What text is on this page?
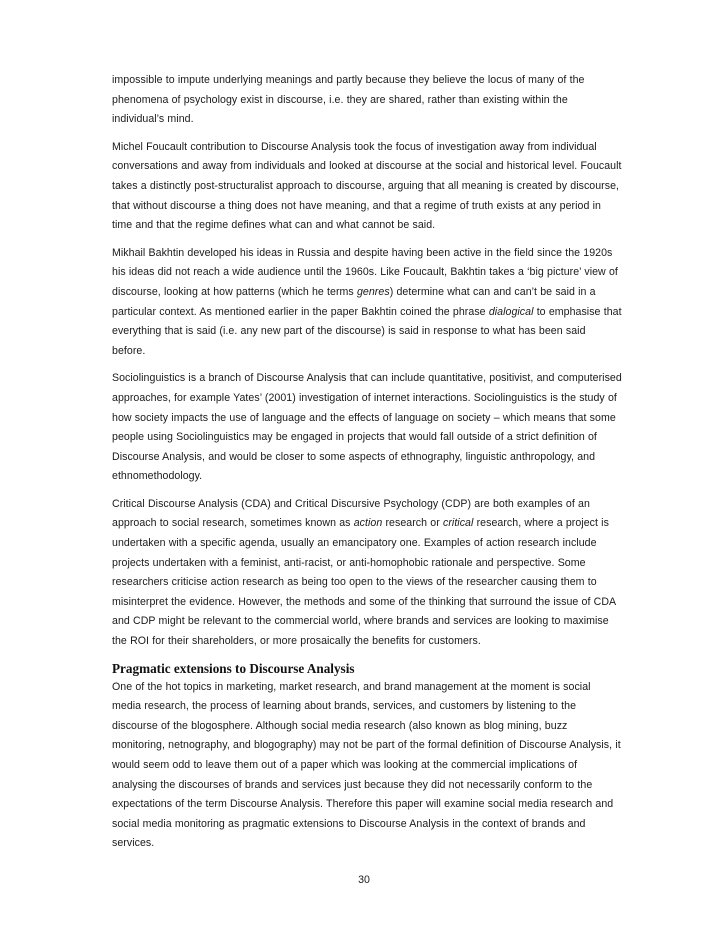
impossible to impute underlying meanings and partly because they believe the locus of many of the phenomena of psychology exist in discourse, i.e. they are shared, rather than existing within the individual’s mind.

Michel Foucault contribution to Discourse Analysis took the focus of investigation away from individual conversations and away from individuals and looked at discourse at the social and historical level. Foucault takes a distinctly post-structuralist approach to discourse, arguing that all meaning is created by discourse, that without discourse a thing does not have meaning, and that a regime of truth exists at any period in time and that the regime defines what can and what cannot be said.

Mikhail Bakhtin developed his ideas in Russia and despite having been active in the field since the 1920s his ideas did not reach a wide audience until the 1960s. Like Foucault, Bakhtin takes a ‘big picture’ view of discourse, looking at how patterns (which he terms genres) determine what can and can’t be said in a particular context. As mentioned earlier in the paper Bakhtin coined the phrase dialogical to emphasise that everything that is said (i.e. any new part of the discourse) is said in response to what has been said before.

Sociolinguistics is a branch of Discourse Analysis that can include quantitative, positivist, and computerised approaches, for example Yates’ (2001) investigation of internet interactions. Sociolinguistics is the study of how society impacts the use of language and the effects of language on society – which means that some people using Sociolinguistics may be engaged in projects that would fall outside of a strict definition of Discourse Analysis, and would be closer to some aspects of ethnography, linguistic anthropology, and ethnomethodology.

Critical Discourse Analysis (CDA) and Critical Discursive Psychology (CDP) are both examples of an approach to social research, sometimes known as action research or critical research, where a project is undertaken with a specific agenda, usually an emancipatory one. Examples of action research include projects undertaken with a feminist, anti-racist, or anti-homophobic rationale and perspective. Some researchers criticise action research as being too open to the views of the researcher causing them to misinterpret the evidence. However, the methods and some of the thinking that surround the issue of CDA and CDP might be relevant to the commercial world, where brands and services are looking to maximise the ROI for their shareholders, or more prosaically the benefits for customers.

Pragmatic extensions to Discourse Analysis

One of the hot topics in marketing, market research, and brand management at the moment is social media research, the process of learning about brands, services, and customers by listening to the discourse of the blogosphere. Although social media research (also known as blog mining, buzz monitoring, netnography, and blogography) may not be part of the formal definition of Discourse Analysis, it would seem odd to leave them out of a paper which was looking at the commercial implications of analysing the discourses of brands and services just because they did not necessarily conform to the expectations of the term Discourse Analysis. Therefore this paper will examine social media research and social media monitoring as pragmatic extensions to Discourse Analysis in the context of brands and services.

30
